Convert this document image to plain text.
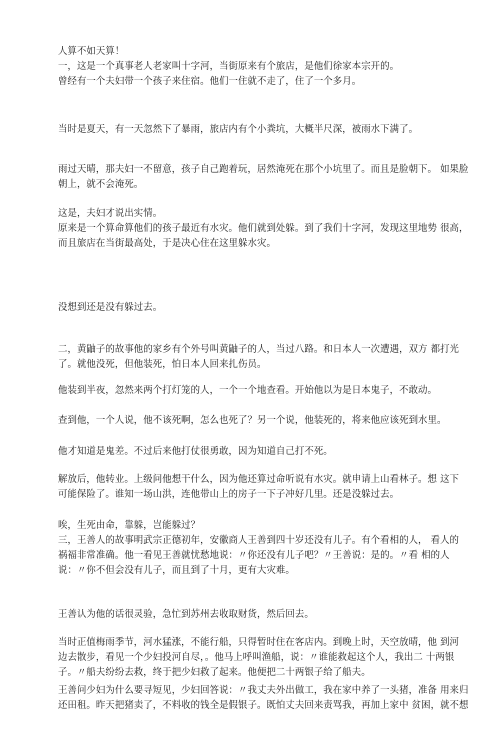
人算不如天算！
一，这是一个真事老人老家叫十字河，当街原来有个旅店，是他们徐家本宗开的。
曾经有一个夫妇带一个孩子来住宿。他们一住就不走了，住了一个多月。
当时是夏天，有一天忽然下了暴雨，旅店内有个小粪坑，大概半尺深，被雨水下满了。
雨过天晴，那夫妇一不留意，孩子自己跑着玩，居然淹死在那个小坑里了。而且是脸朝下。 如果脸
朝上，就不会淹死。
这是，夫妇才说出实情。
原来是一个算命算他们的孩子最近有水灾。他们就到处躲。到了我们十字河，发现这里地势 很高，
而且旅店在当街最高处，于是决心住在这里躲水灾。
没想到还是没有躲过去。
二，黄鼬子的故事他的家乡有个外号叫黄鼬子的人，当过八路。和日本人一次遭遇，双方 都打光
了。就他没死，但他装死，怕日本人回来扎伤员。
他装到半夜，忽然来两个打灯笼的人，一个一个地查看。开始他以为是日本鬼子，不敢动。
查到他，一个人说，他不该死啊，怎么也死了？另一个说，他装死的，将来他应该死到水里。
他才知道是鬼差。不过后来他打仗很勇敢，因为知道自己打不死。
解放后，他转业。上级问他想干什么，因为他还算过命听说有水灾。就申请上山看林子。想 这下
可能保险了。谁知一场山洪，连他带山上的房子一下子冲好几里。还是没躲过去。
唉，生死由命，靠躲，岂能躲过？
三，王善人的故事明武宗正德初年，安徽商人王善到四十岁还没有儿子。有个看相的人， 看人的
祸福非常准确。他一看见王善就忧愁地说：〃你还没有儿子吧？〃王善说：是的。〃看 相的人
说：〃你不但会没有儿子，而且到了十月，更有大灾难。
王善认为他的话很灵验，急忙到苏州去收取财货，然后回去。
当时正值梅雨季节，河水猛涨，不能行船，只得暂时住在客店内。到晚上时，天空放晴，他 到河
边去散步，看见一个少妇投河自尽，。他马上呼叫渔船，说：〃谁能救起这个人，我出二 十两银
子。〃船夫纷纷去救，终于把少妇救了起来。他便把二十两银子给了船夫。
王善问少妇为什么要寻短见，少妇回答说：〃我丈夫外出做工，我在家中养了一头猪，准备 用来归
还田租。昨天把猪卖了，不料收的钱全是假银子。既怕丈夫回来责骂我，再加上家中 贫困，就不想
